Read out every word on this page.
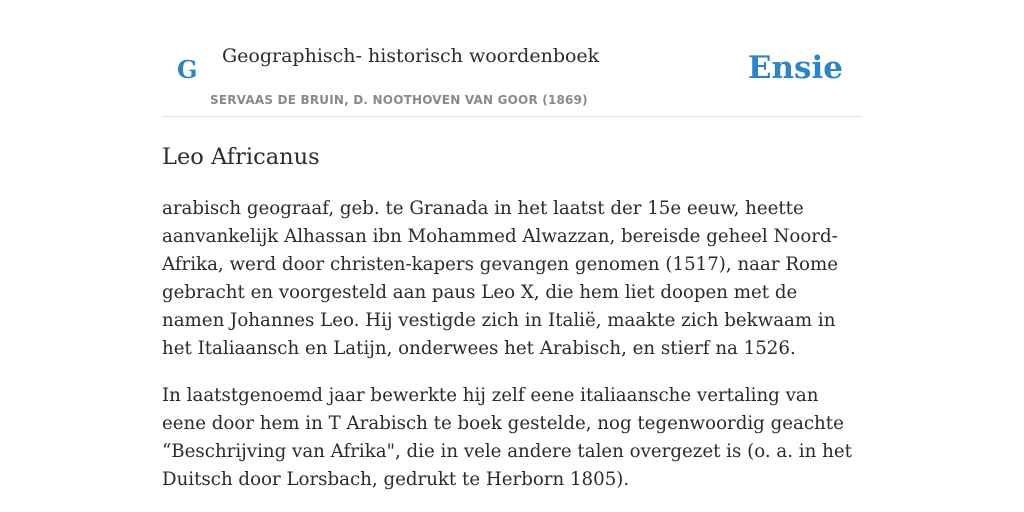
G Geographisch- historisch woordenboek
SERVAAS DE BRUIN, D. NOOTHOVEN VAN GOOR (1869)
Ensie
Leo Africanus

arabisch geograaf, geb. te Granada in het laatst der 15e eeuw, heette aanvankelijk Alhassan ibn Mohammed Alwazzan, bereisde geheel Noord-Afrika, werd door christen-kapers gevangen genomen (1517), naar Rome gebracht en voorgesteld aan paus Leo X, die hem liet doopen met de namen Johannes Leo. Hij vestigde zich in Italië, maakte zich bekwaam in het Italiaansch en Latijn, onderwees het Arabisch, en stierf na 1526.

In laatstgenoemd jaar bewerkte hij zelf eene italiaansche vertaling van eene door hem in T Arabisch te boek gestelde, nog tegenwoordig geachte “Beschrijving van Afrika", die in vele andere talen overgezet is (o. a. in het Duitsch door Lorsbach, gedrukt te Herborn 1805).
